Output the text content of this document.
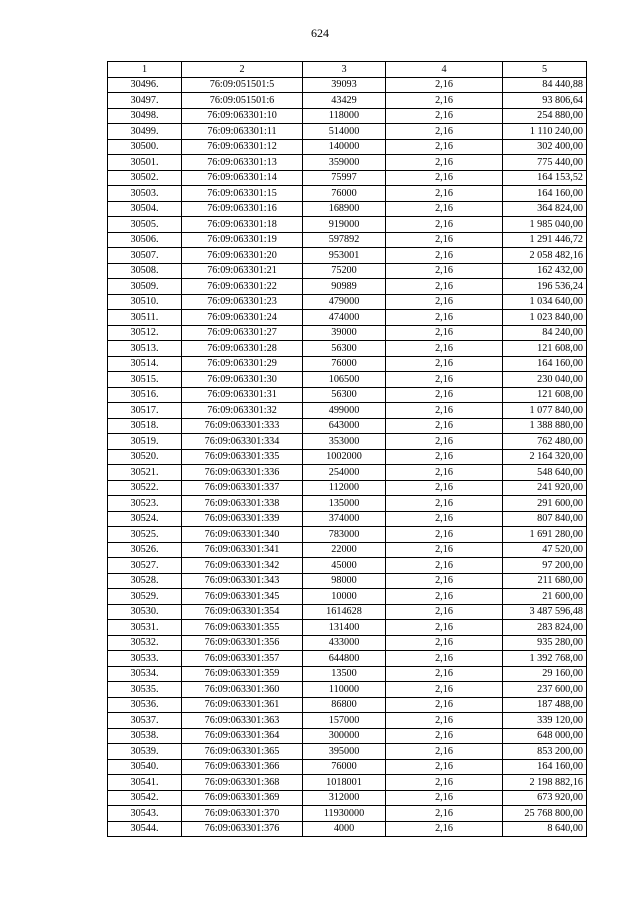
624
1	2	3	4	5
30496.	76:09:051501:5	39093	2,16	84 440,88
30497.	76:09:051501:6	43429	2,16	93 806,64
30498.	76:09:063301:10	118000	2,16	254 880,00
30499.	76:09:063301:11	514000	2,16	1 110 240,00
30500.	76:09:063301:12	140000	2,16	302 400,00
30501.	76:09:063301:13	359000	2,16	775 440,00
30502.	76:09:063301:14	75997	2,16	164 153,52
30503.	76:09:063301:15	76000	2,16	164 160,00
30504.	76:09:063301:16	168900	2,16	364 824,00
30505.	76:09:063301:18	919000	2,16	1 985 040,00
30506.	76:09:063301:19	597892	2,16	1 291 446,72
30507.	76:09:063301:20	953001	2,16	2 058 482,16
30508.	76:09:063301:21	75200	2,16	162 432,00
30509.	76:09:063301:22	90989	2,16	196 536,24
30510.	76:09:063301:23	479000	2,16	1 034 640,00
30511.	76:09:063301:24	474000	2,16	1 023 840,00
30512.	76:09:063301:27	39000	2,16	84 240,00
30513.	76:09:063301:28	56300	2,16	121 608,00
30514.	76:09:063301:29	76000	2,16	164 160,00
30515.	76:09:063301:30	106500	2,16	230 040,00
30516.	76:09:063301:31	56300	2,16	121 608,00
30517.	76:09:063301:32	499000	2,16	1 077 840,00
30518.	76:09:063301:333	643000	2,16	1 388 880,00
30519.	76:09:063301:334	353000	2,16	762 480,00
30520.	76:09:063301:335	1002000	2,16	2 164 320,00
30521.	76:09:063301:336	254000	2,16	548 640,00
30522.	76:09:063301:337	112000	2,16	241 920,00
30523.	76:09:063301:338	135000	2,16	291 600,00
30524.	76:09:063301:339	374000	2,16	807 840,00
30525.	76:09:063301:340	783000	2,16	1 691 280,00
30526.	76:09:063301:341	22000	2,16	47 520,00
30527.	76:09:063301:342	45000	2,16	97 200,00
30528.	76:09:063301:343	98000	2,16	211 680,00
30529.	76:09:063301:345	10000	2,16	21 600,00
30530.	76:09:063301:354	1614628	2,16	3 487 596,48
30531.	76:09:063301:355	131400	2,16	283 824,00
30532.	76:09:063301:356	433000	2,16	935 280,00
30533.	76:09:063301:357	644800	2,16	1 392 768,00
30534.	76:09:063301:359	13500	2,16	29 160,00
30535.	76:09:063301:360	110000	2,16	237 600,00
30536.	76:09:063301:361	86800	2,16	187 488,00
30537.	76:09:063301:363	157000	2,16	339 120,00
30538.	76:09:063301:364	300000	2,16	648 000,00
30539.	76:09:063301:365	395000	2,16	853 200,00
30540.	76:09:063301:366	76000	2,16	164 160,00
30541.	76:09:063301:368	1018001	2,16	2 198 882,16
30542.	76:09:063301:369	312000	2,16	673 920,00
30543.	76:09:063301:370	11930000	2,16	25 768 800,00
30544.	76:09:063301:376	4000	2,16	8 640,00
